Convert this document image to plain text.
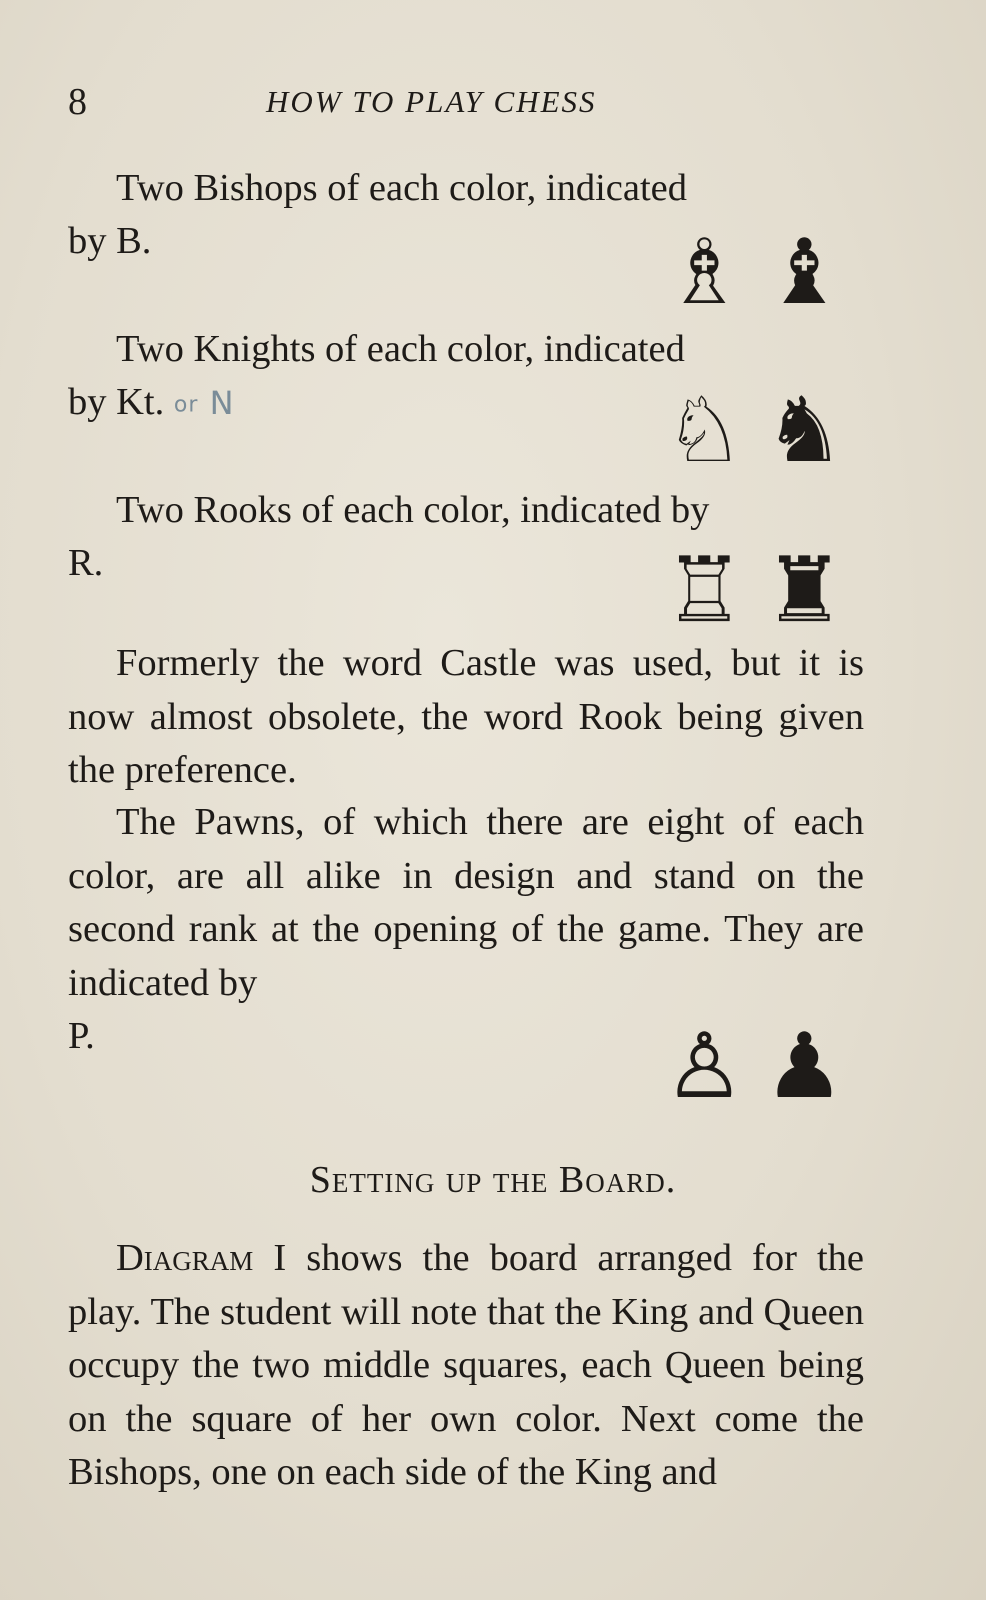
8	HOW TO PLAY CHESS

Two Bishops of each color, indicated

by B.	♗ ♝

Two Knights of each color, indicated

by Kt. or N	♘ ♞

Two Rooks of each color, indicated by

R.	♖ ♜

Formerly the word Castle was used, but it is now almost obsolete, the word Rook being given the preference.

The Pawns, of which there are eight of each color, are all alike in design and stand on the second rank at the opening of the game. They are indicated by

P.	♙ ♟
Setting up the Board.

Diagram I shows the board arranged for the play. The student will note that the King and Queen occupy the two middle squares, each Queen being on the square of her own color. Next come the Bishops, one on each side of the King and
